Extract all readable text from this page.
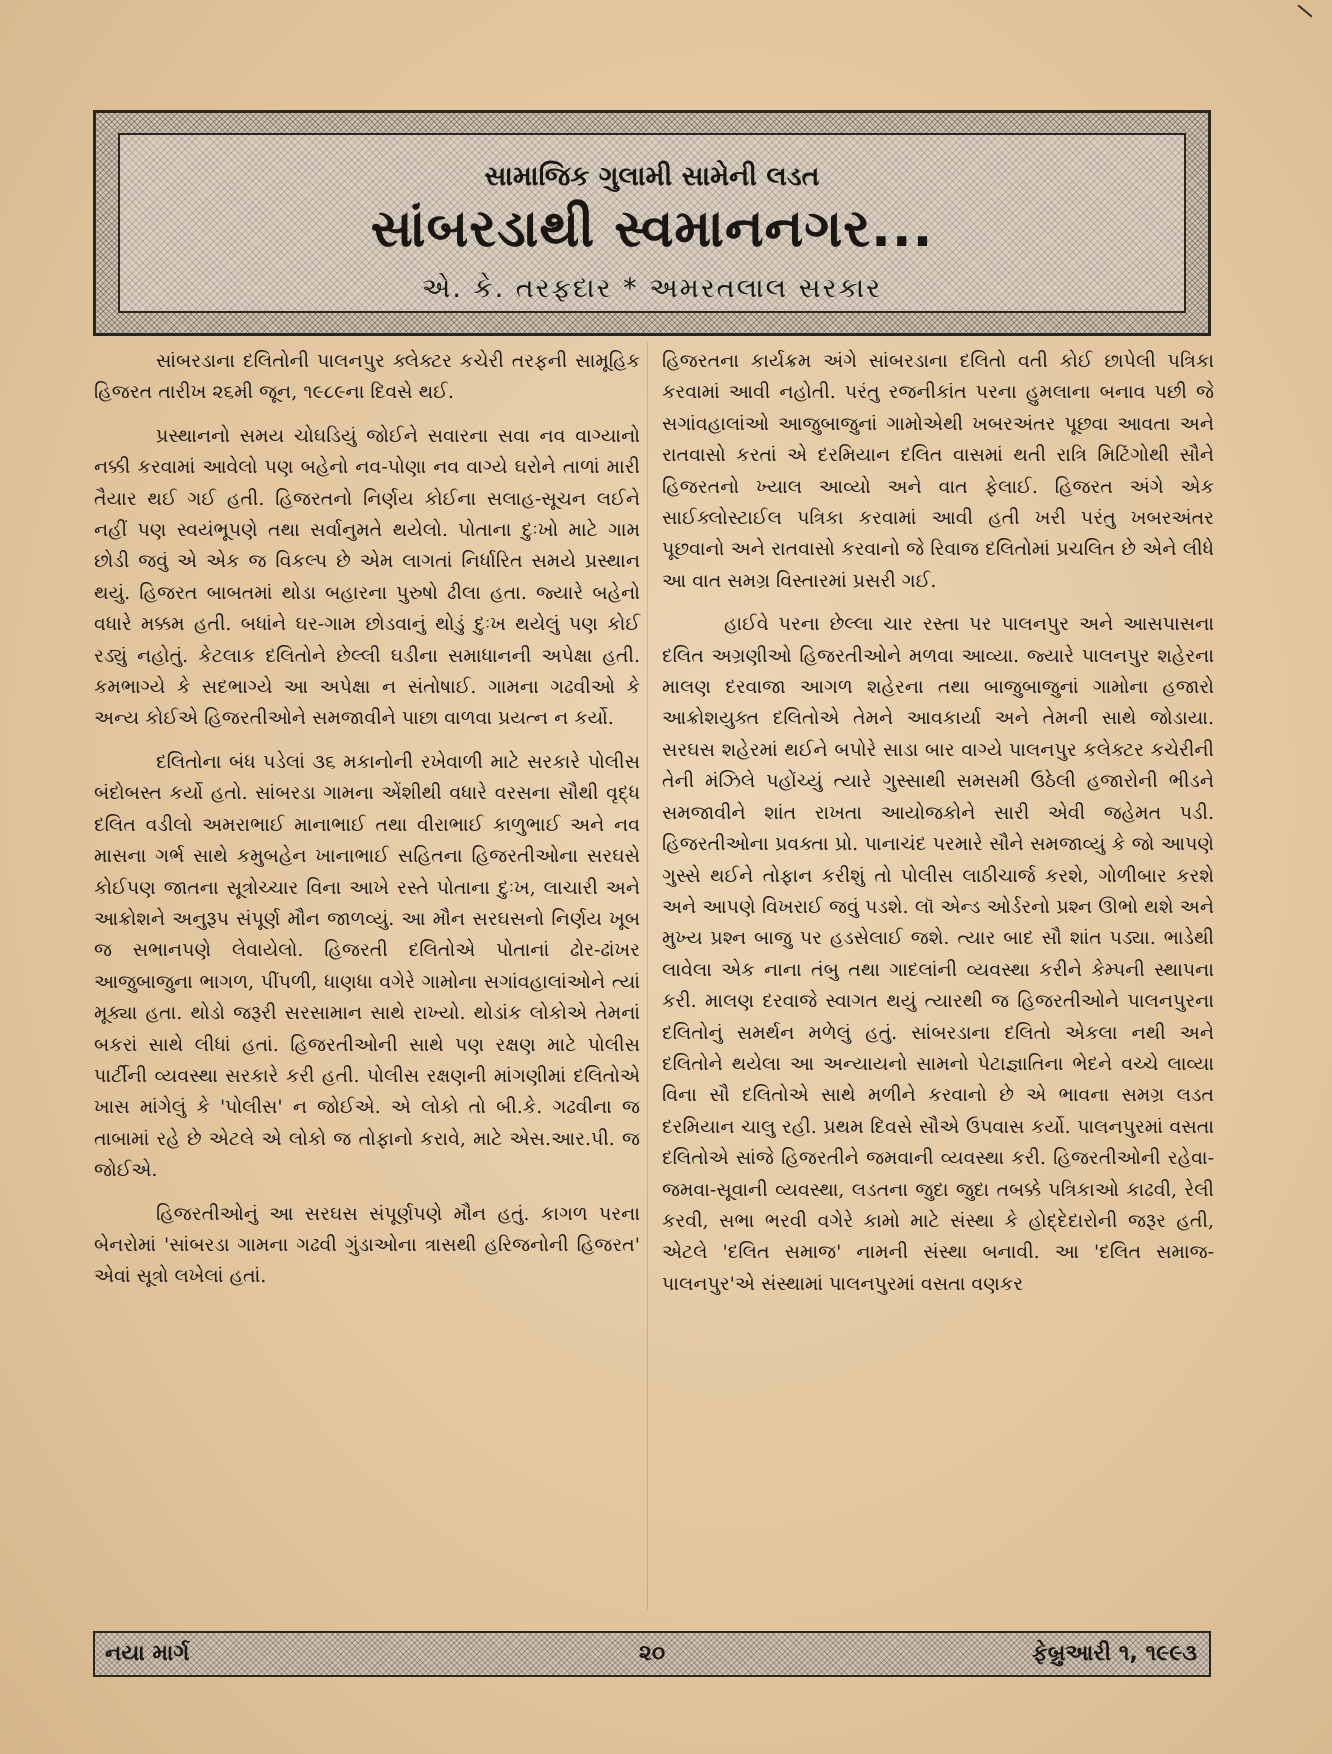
સામાજિક ગુલામી સામેની લડત
સાંબરડાથી સ્વમાનનગર...
એ. કે. તરફદાર * અમરતલાલ સરકાર

સાંબરડાના દલિતોની પાલનપુર ક્લેક્ટર કચેરી તરફની સામૂહિક હિજરત તારીખ ૨૬મી જૂન, ૧૯૮૯ના દિવસે થઈ.

પ્રસ્થાનનો સમય ચોઘડિયું જોઈને સવારના સવા નવ વાગ્યાનો નક્કી કરવામાં આવેલો પણ બહેનો નવ-પોણા નવ વાગ્યે ઘરોને તાળાં મારી તૈયાર થઈ ગઈ હતી. હિજરતનો નિર્ણય કોઈના સલાહ-સૂચન લઈને નહીં પણ સ્વયંભૂપણે તથા સર્વાનુમતે થયેલો. પોતાના દુઃખો માટે ગામ છોડી જવું એ એક જ વિકલ્પ છે એમ લાગતાં નિર્ધારિત સમયે પ્રસ્થાન થયું. હિજરત બાબતમાં થોડા બહારના પુરુષો ઢીલા હતા. જ્યારે બહેનો વધારે મક્કમ હતી. બધાંને ઘર-ગામ છોડવાનું થોડું દુઃખ થયેલું પણ કોઈ રડ્યું નહોતું. કેટલાક દલિતોને છેલ્લી ઘડીના સમાધાનની અપેક્ષા હતી. કમભાગ્યે કે સદભાગ્યે આ અપેક્ષા ન સંતોષાઈ. ગામના ગઢવીઓ કે અન્ય કોઈએ હિજરતીઓને સમજાવીને પાછા વાળવા પ્રયત્ન ન કર્યો.

દલિતોના બંધ પડેલાં ૩૬ મકાનોની રખેવાળી માટે સરકારે પોલીસ બંદોબસ્ત કર્યો હતો. સાંબરડા ગામના એંશીથી વધારે વરસના સૌથી વૃદ્ધ દલિત વડીલો અમરાભાઈ માનાભાઈ તથા વીરાભાઈ કાળુભાઈ અને નવ માસના ગર્ભ સાથે કમુબહેન ખાનાભાઈ સહિતના હિજરતીઓના સરઘસે કોઈપણ જાતના સૂત્રોચ્ચાર વિના આખે રસ્તે પોતાના દુઃખ, લાચારી અને આક્રોશને અનુરૂપ સંપૂર્ણ મૌન જાળવ્યું. આ મૌન સરઘસનો નિર્ણય ખૂબ જ સભાનપણે લેવાયેલો. હિજરતી દલિતોએ પોતાનાં ઢોર-ઢાંખર આજુબાજુના ભાગળ, પીંપળી, ધાણધા વગેરે ગામોના સગાંવહાલાંઓને ત્યાં મૂક્યા હતા. થોડો જરૂરી સરસામાન સાથે રાખ્યો. થોડાંક લોકોએ તેમનાં બકરાં સાથે લીધાં હતાં. હિજરતીઓની સાથે પણ રક્ષણ માટે પોલીસ પાર્ટીની વ્યવસ્થા સરકારે કરી હતી. પોલીસ રક્ષણની માંગણીમાં દલિતોએ ખાસ માંગેલું કે 'પોલીસ' ન જોઈએ. એ લોકો તો બી.કે. ગઢવીના જ તાબામાં રહે છે એટલે એ લોકો જ તોફાનો કરાવે, માટે એસ.આર.પી. જ જોઈએ.

હિજરતીઓનું આ સરઘસ સંપૂર્ણપણે મૌન હતું. કાગળ પરના બેનરોમાં 'સાંબરડા ગામના ગઢવી ગુંડાઓના ત્રાસથી હરિજનોની હિજરત' એવાં સૂત્રો લખેલાં હતાં.

હિજરતના કાર્યક્રમ અંગે સાંબરડાના દલિતો વતી કોઈ છાપેલી પત્રિકા કરવામાં આવી નહોતી. પરંતુ રજનીકાંત પરના હુમલાના બનાવ પછી જે સગાંવહાલાંઓ આજુબાજુનાં ગામોએથી ખબરઅંતર પૂછવા આવતા અને રાતવાસો કરતાં એ દરમિયાન દલિત વાસમાં થતી રાત્રિ મિટિંગોથી સૌને હિજરતનો ખ્યાલ આવ્યો અને વાત ફેલાઈ. હિજરત અંગે એક સાઈક્લોસ્ટાઈલ પત્રિકા કરવામાં આવી હતી ખરી પરંતુ ખબરઅંતર પૂછવાનો અને રાતવાસો કરવાનો જે રિવાજ દલિતોમાં પ્રચલિત છે એને લીધે આ વાત સમગ્ર વિસ્તારમાં પ્રસરી ગઈ.

હાઈવે પરના છેલ્લા ચાર રસ્તા પર પાલનપુર અને આસપાસના દલિત અગ્રણીઓ હિજરતીઓને મળવા આવ્યા. જ્યારે પાલનપુર શહેરના માલણ દરવાજા આગળ શહેરના તથા બાજુબાજુનાં ગામોના હજારો આક્રોશયુક્ત દલિતોએ તેમને આવકાર્યા અને તેમની સાથે જોડાયા. સરઘસ શહેરમાં થઈને બપોરે સાડા બાર વાગ્યે પાલનપુર કલેક્ટર કચેરીની તેની મંઝિલે પહોંચ્યું ત્યારે ગુસ્સાથી સમસમી ઉઠેલી હજારોની ભીડને સમજાવીને શાંત રાખતા આયોજકોને સારી એવી જહેમત પડી. હિજરતીઓના પ્રવક્તા પ્રો. પાનાચંદ પરમારે સૌને સમજાવ્યું કે જો આપણે ગુસ્સે થઈને તોફાન કરીશું તો પોલીસ લાઠીચાર્જ કરશે, ગોળીબાર કરશે અને આપણે વિખરાઈ જવું પડશે. લૉ એન્ડ ઓર્ડરનો પ્રશ્ન ઊભો થશે અને મુખ્ય પ્રશ્ન બાજુ પર હડસેલાઈ જશે. ત્યાર બાદ સૌ શાંત પડ્યા. ભાડેથી લાવેલા એક નાના તંબુ તથા ગાદલાંની વ્યવસ્થા કરીને કેમ્પની સ્થાપના કરી. માલણ દરવાજે સ્વાગત થયું ત્યારથી જ હિજરતીઓને પાલનપુરના દલિતોનું સમર્થન મળેલું હતું. સાંબરડાના દલિતો એકલા નથી અને દલિતોને થયેલા આ અન્યાયનો સામનો પેટાજ્ઞાતિના ભેદને વચ્ચે લાવ્યા વિના સૌ દલિતોએ સાથે મળીને કરવાનો છે એ ભાવના સમગ્ર લડત દરમિયાન ચાલુ રહી. પ્રથમ દિવસે સૌએ ઉપવાસ કર્યો. પાલનપુરમાં વસતા દલિતોએ સાંજે હિજરતીને જમવાની વ્યવસ્થા કરી. હિજરતીઓની રહેવા-જમવા-સૂવાની વ્યવસ્થા, લડતના જુદા જુદા તબક્કે પત્રિકાઓ કાઢવી, રેલી કરવી, સભા ભરવી વગેરે કામો માટે સંસ્થા કે હોદ્દેદારોની જરૂર હતી, એટલે 'દલિત સમાજ' નામની સંસ્થા બનાવી. આ 'દલિત સમાજ- પાલનપુર'એ સંસ્થામાં પાલનપુરમાં વસતા વણકર

નયા માર્ગ	૨૦	ફેબ્રુઆરી ૧, ૧૯૯૩
